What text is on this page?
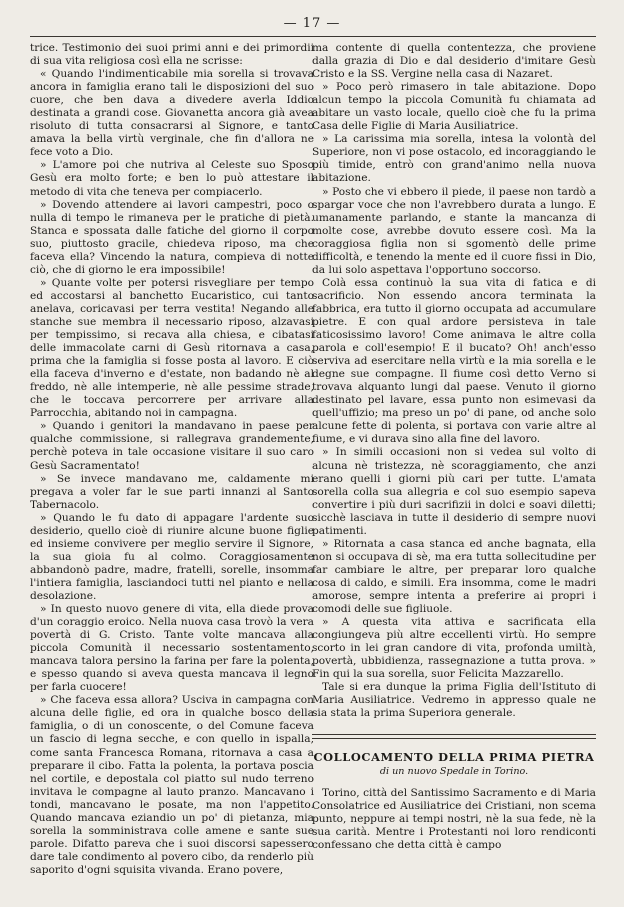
— 17 —

trice. Testimonio dei suoi primi anni e dei primordii di sua vita religiosa così ella ne scrisse:

« Quando l'indimenticabile mia sorella si trovava ancora in famiglia erano tali le disposizioni del suo cuore, che ben dava a divedere averla Iddio destinata a grandi cose. Giovanetta ancora già avea risoluto di tutta consacrarsi al Signore, e tanto amava la bella virtù verginale, che fin d'allora ne fece voto a Dio.

» L'amore poi che nutriva al Celeste suo Sposo Gesù era molto forte; e ben lo può attestare il metodo di vita che teneva per compiacerlo.

» Dovendo attendere ai lavori campestri, poco o nulla di tempo le rimaneva per le pratiche di pietà. Stanca e spossata dalle fatiche del giorno il corpo suo, piuttosto gracile, chiedeva riposo, ma che faceva ella? Vincendo la natura, compieva di notte ciò, che di giorno le era impossibile!

» Quante volte per potersi risvegliare per tempo ed accostarsi al banchetto Eucaristico, cui tanto anelava, coricavasi per terra vestita! Negando alle stanche sue membra il necessario riposo, alzavasi per tempissimo, si recava alla chiesa, e cibatasi delle immacolate carni di Gesù ritornava a casa, prima che la famiglia si fosse posta al lavoro. E ciò ella faceva d'inverno e d'estate, non badando nè al freddo, nè alle intemperie, nè alle pessime strade, che le toccava percorrere per arrivare alla Parrocchia, abitando noi in campagna.

» Quando i genitori la mandavano in paese per qualche commissione, si rallegrava grandemente, perchè poteva in tale occasione visitare il suo caro Gesù Sacramentato!

» Se invece mandavano me, caldamente mi pregava a voler far le sue parti innanzi al Santo Tabernacolo.

» Quando le fu dato di appagare l'ardente suo desiderio, quello cioè di riunire alcune buone figlie ed insieme convivere per meglio servire il Signore, la sua gioia fu al colmo. Coraggiosamente abbandonò padre, madre, fratelli, sorelle, insomma l'intiera famiglia, lasciandoci tutti nel pianto e nella desolazione.

» In questo nuovo genere di vita, ella diede prova d'un coraggio eroico. Nella nuova casa trovò la vera povertà di G. Cristo. Tante volte mancava alla piccola Comunità il necessario sostentamento, mancava talora persino la farina per fare la polenta, e spesso quando si aveva questa mancava il legno per farla cuocere!

» Che faceva essa allora? Usciva in campagna con alcuna delle figlie, ed ora in qualche bosco della famiglia, o di un conoscente, o del Comune faceva un fascio di legna secche, e con quello in ispalla, come santa Francesca Romana, ritornava a casa a preparare il cibo. Fatta la polenta, la portava poscia nel cortile, e depostala col piatto sul nudo terreno invitava le compagne al lauto pranzo. Mancavano i tondi, mancavano le posate, ma non l'appetito. Quando mancava eziandio un po' di pietanza, mia sorella la somministrava colle amene e sante sue parole. Difatto pareva che i suoi discorsi sapessero dare tale condimento al povero cibo, da renderlo più saporito d'ogni squisita vivanda. Erano povere,

ma contente di quella contentezza, che proviene dalla grazia di Dio e dal desiderio d'imitare Gesù Cristo e la SS. Vergine nella casa di Nazaret.

» Poco però rimasero in tale abitazione. Dopo alcun tempo la piccola Comunità fu chiamata ad abitare un vasto locale, quello cioè che fu la prima Casa delle Figlie di Maria Ausiliatrice.

» La carissima mia sorella, intesa la volontà del Superiore, non vi pose ostacolo, ed incoraggiando le più timide, entrò con grand'animo nella nuova abitazione.

» Posto che vi ebbero il piede, il paese non tardò a spargar voce che non l'avrebbero durata a lungo. E umanamente parlando, e stante la mancanza di molte cose, avrebbe dovuto essere così. Ma la coraggiosa figlia non si sgomentò delle prime difficoltà, e tenendo la mente ed il cuore fissi in Dio, da lui solo aspettava l'opportuno soccorso.

Colà essa continuò la sua vita di fatica e di sacrificio. Non essendo ancora terminata la fabbrica, era tutto il giorno occupata ad accumulare pietre. E con qual ardore persisteva in tale faticosissimo lavoro! Come animava le altre colla parola e coll'esempio! E il bucato? Oh! anch'esso serviva ad esercitare nella virtù e la mia sorella e le degne sue compagne. Il fiume così detto Verno si trovava alquanto lungi dal paese. Venuto il giorno destinato pel lavare, essa punto non esimevasi da quell'uffizio; ma preso un po' di pane, od anche solo alcune fette di polenta, si portava con varie altre al fiume, e vi durava sino alla fine del lavoro.

» In simili occasioni non si vedea sul volto di alcuna nè tristezza, nè scoraggiamento, che anzi erano quelli i giorni più cari per tutte. L'amata sorella colla sua allegria e col suo esempio sapeva convertire i più duri sacrifizii in dolci e soavi diletti; sicchè lasciava in tutte il desiderio di sempre nuovi patimenti.

» Ritornata a casa stanca ed anche bagnata, ella non si occupava di sè, ma era tutta sollecitudine per far cambiare le altre, per preparar loro qualche cosa di caldo, e simili. Era insomma, come le madri amorose, sempre intenta a preferire ai propri i comodi delle sue figliuole.

» A questa vita attiva e sacrificata ella congiungeva più altre eccellenti virtù. Ho sempre scorto in lei gran candore di vita, profonda umiltà, povertà, ubbidienza, rassegnazione a tutta prova. » Fin qui la sua sorella, suor Felicita Mazzarello.

Tale si era dunque la prima Figlia dell'Istituto di Maria Ausiliatrice. Vedremo in appresso quale ne sia stata la prima Superiora generale.

COLLOCAMENTO DELLA PRIMA PIETRA
di un nuovo Spedale in Torino.

Torino, città del Santissimo Sacramento e di Maria Consolatrice ed Ausiliatrice dei Cristiani, non scema punto, neppure ai tempi nostri, nè la sua fede, nè la sua carità. Mentre i Protestanti noi loro rendiconti confessano che detta città è campo
